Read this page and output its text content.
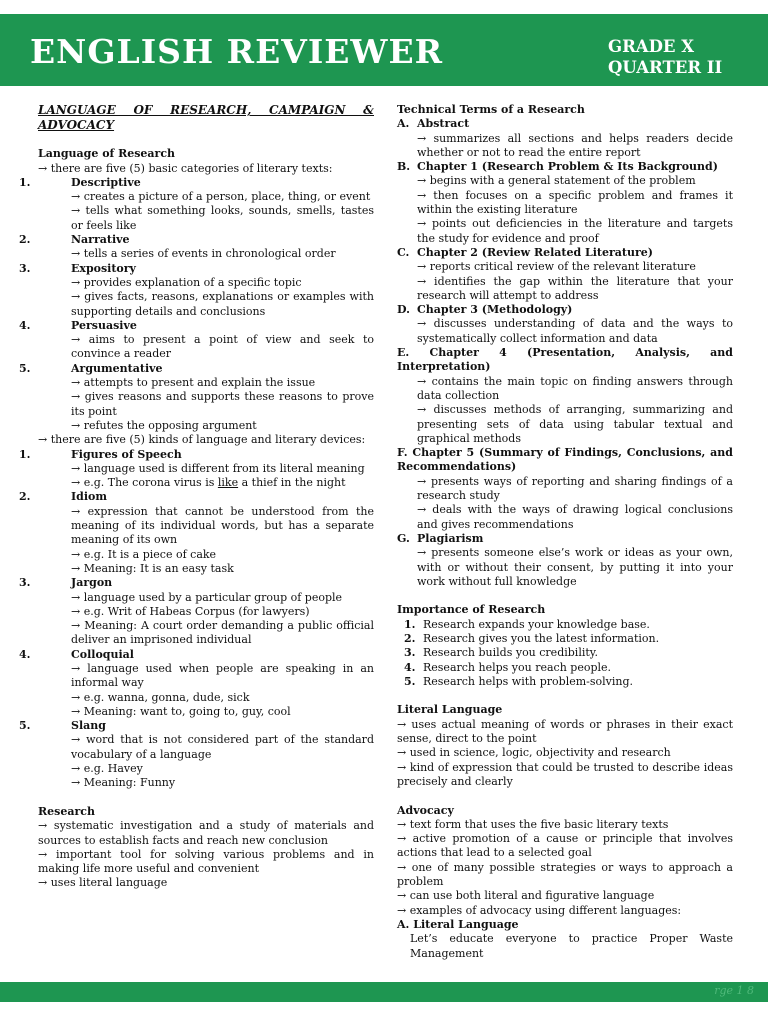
ENGLISH REVIEWER	GRADE X
QUARTER II

LANGUAGE OF RESEARCH, CAMPAIGN & ADVOCACY

Language of Research

→ there are five (5) basic categories of literary texts:

1.	Descriptive

→ creates a picture of a person, place, thing, or event

→ tells what something looks, sounds, smells, tastes or feels like

2.	Narrative

→ tells a series of events in chronological order

3.	Expository

→ provides explanation of a specific topic

→ gives facts, reasons, explanations or examples with supporting details and conclusions

4.	Persuasive

→ aims to present a point of view and seek to convince a reader

5.	Argumentative

→ attempts to present and explain the issue

→ gives reasons and supports these reasons to prove its point

→ refutes the opposing argument

→ there are five (5) kinds of language and literary devices:

1.	Figures of Speech

→ language used is different from its literal meaning

→ e.g. The corona virus is like a thief in the night

2.	Idiom

→ expression that cannot be understood from the meaning of its individual words, but has a separate meaning of its own

→ e.g. It is a piece of cake

→ Meaning: It is an easy task

3.	Jargon

→ language used by a particular group of people

→ e.g. Writ of Habeas Corpus (for lawyers)

→ Meaning: A court order demanding a public official deliver an imprisoned individual

4.	Colloquial

→ language used when people are speaking in an informal way

→ e.g. wanna, gonna, dude, sick

→ Meaning: want to, going to, guy, cool

5.	Slang

→ word that is not considered part of the standard vocabulary of a language

→ e.g. Havey

→ Meaning: Funny

Research

→ systematic investigation and a study of materials and sources to establish facts and reach new conclusion

→ important tool for solving various problems and in making life more useful and convenient

→ uses literal language

Technical Terms of a Research

A. Abstract

→ summarizes all sections and helps readers decide whether or not to read the entire report

B. Chapter 1 (Research Problem & Its Background)

→ begins with a general statement of the problem

→ then focuses on a specific problem and frames it within the existing literature

→ points out deficiencies in the literature and targets the study for evidence and proof

C. Chapter 2 (Review Related Literature)

→ reports critical review of the relevant literature

→ identifies the gap within the literature that your research will attempt to address

D. Chapter 3 (Methodology)

→ discusses understanding of data and the ways to systematically collect information and data

E. Chapter 4 (Presentation, Analysis, and Interpretation)

→ contains the main topic on finding answers through data collection

→ discusses methods of arranging, summarizing and presenting sets of data using tabular textual and graphical methods

F. Chapter 5 (Summary of Findings, Conclusions, and Recommendations)

→ presents ways of reporting and sharing findings of a research study

→ deals with the ways of drawing logical conclusions and gives recommendations

G. Plagiarism

→ presents someone else’s work or ideas as your own, with or without their consent, by putting it into your work without full knowledge

Importance of Research

1. Research expands your knowledge base.
2. Research gives you the latest information.
3. Research builds you credibility.
4. Research helps you reach people.
5. Research helps with problem-solving.

Literal Language

→ uses actual meaning of words or phrases in their exact sense, direct to the point

→ used in science, logic, objectivity and research

→ kind of expression that could be trusted to describe ideas precisely and clearly

Advocacy

→ text form that uses the five basic literary texts

→ active promotion of a cause or principle that involves actions that lead to a selected goal

→ one of many possible strategies or ways to approach a problem

→ can use both literal and figurative language

→ examples of advocacy using different languages:

A. Literal Language

Let’s educate everyone to practice Proper Waste Management

rge 1 8
